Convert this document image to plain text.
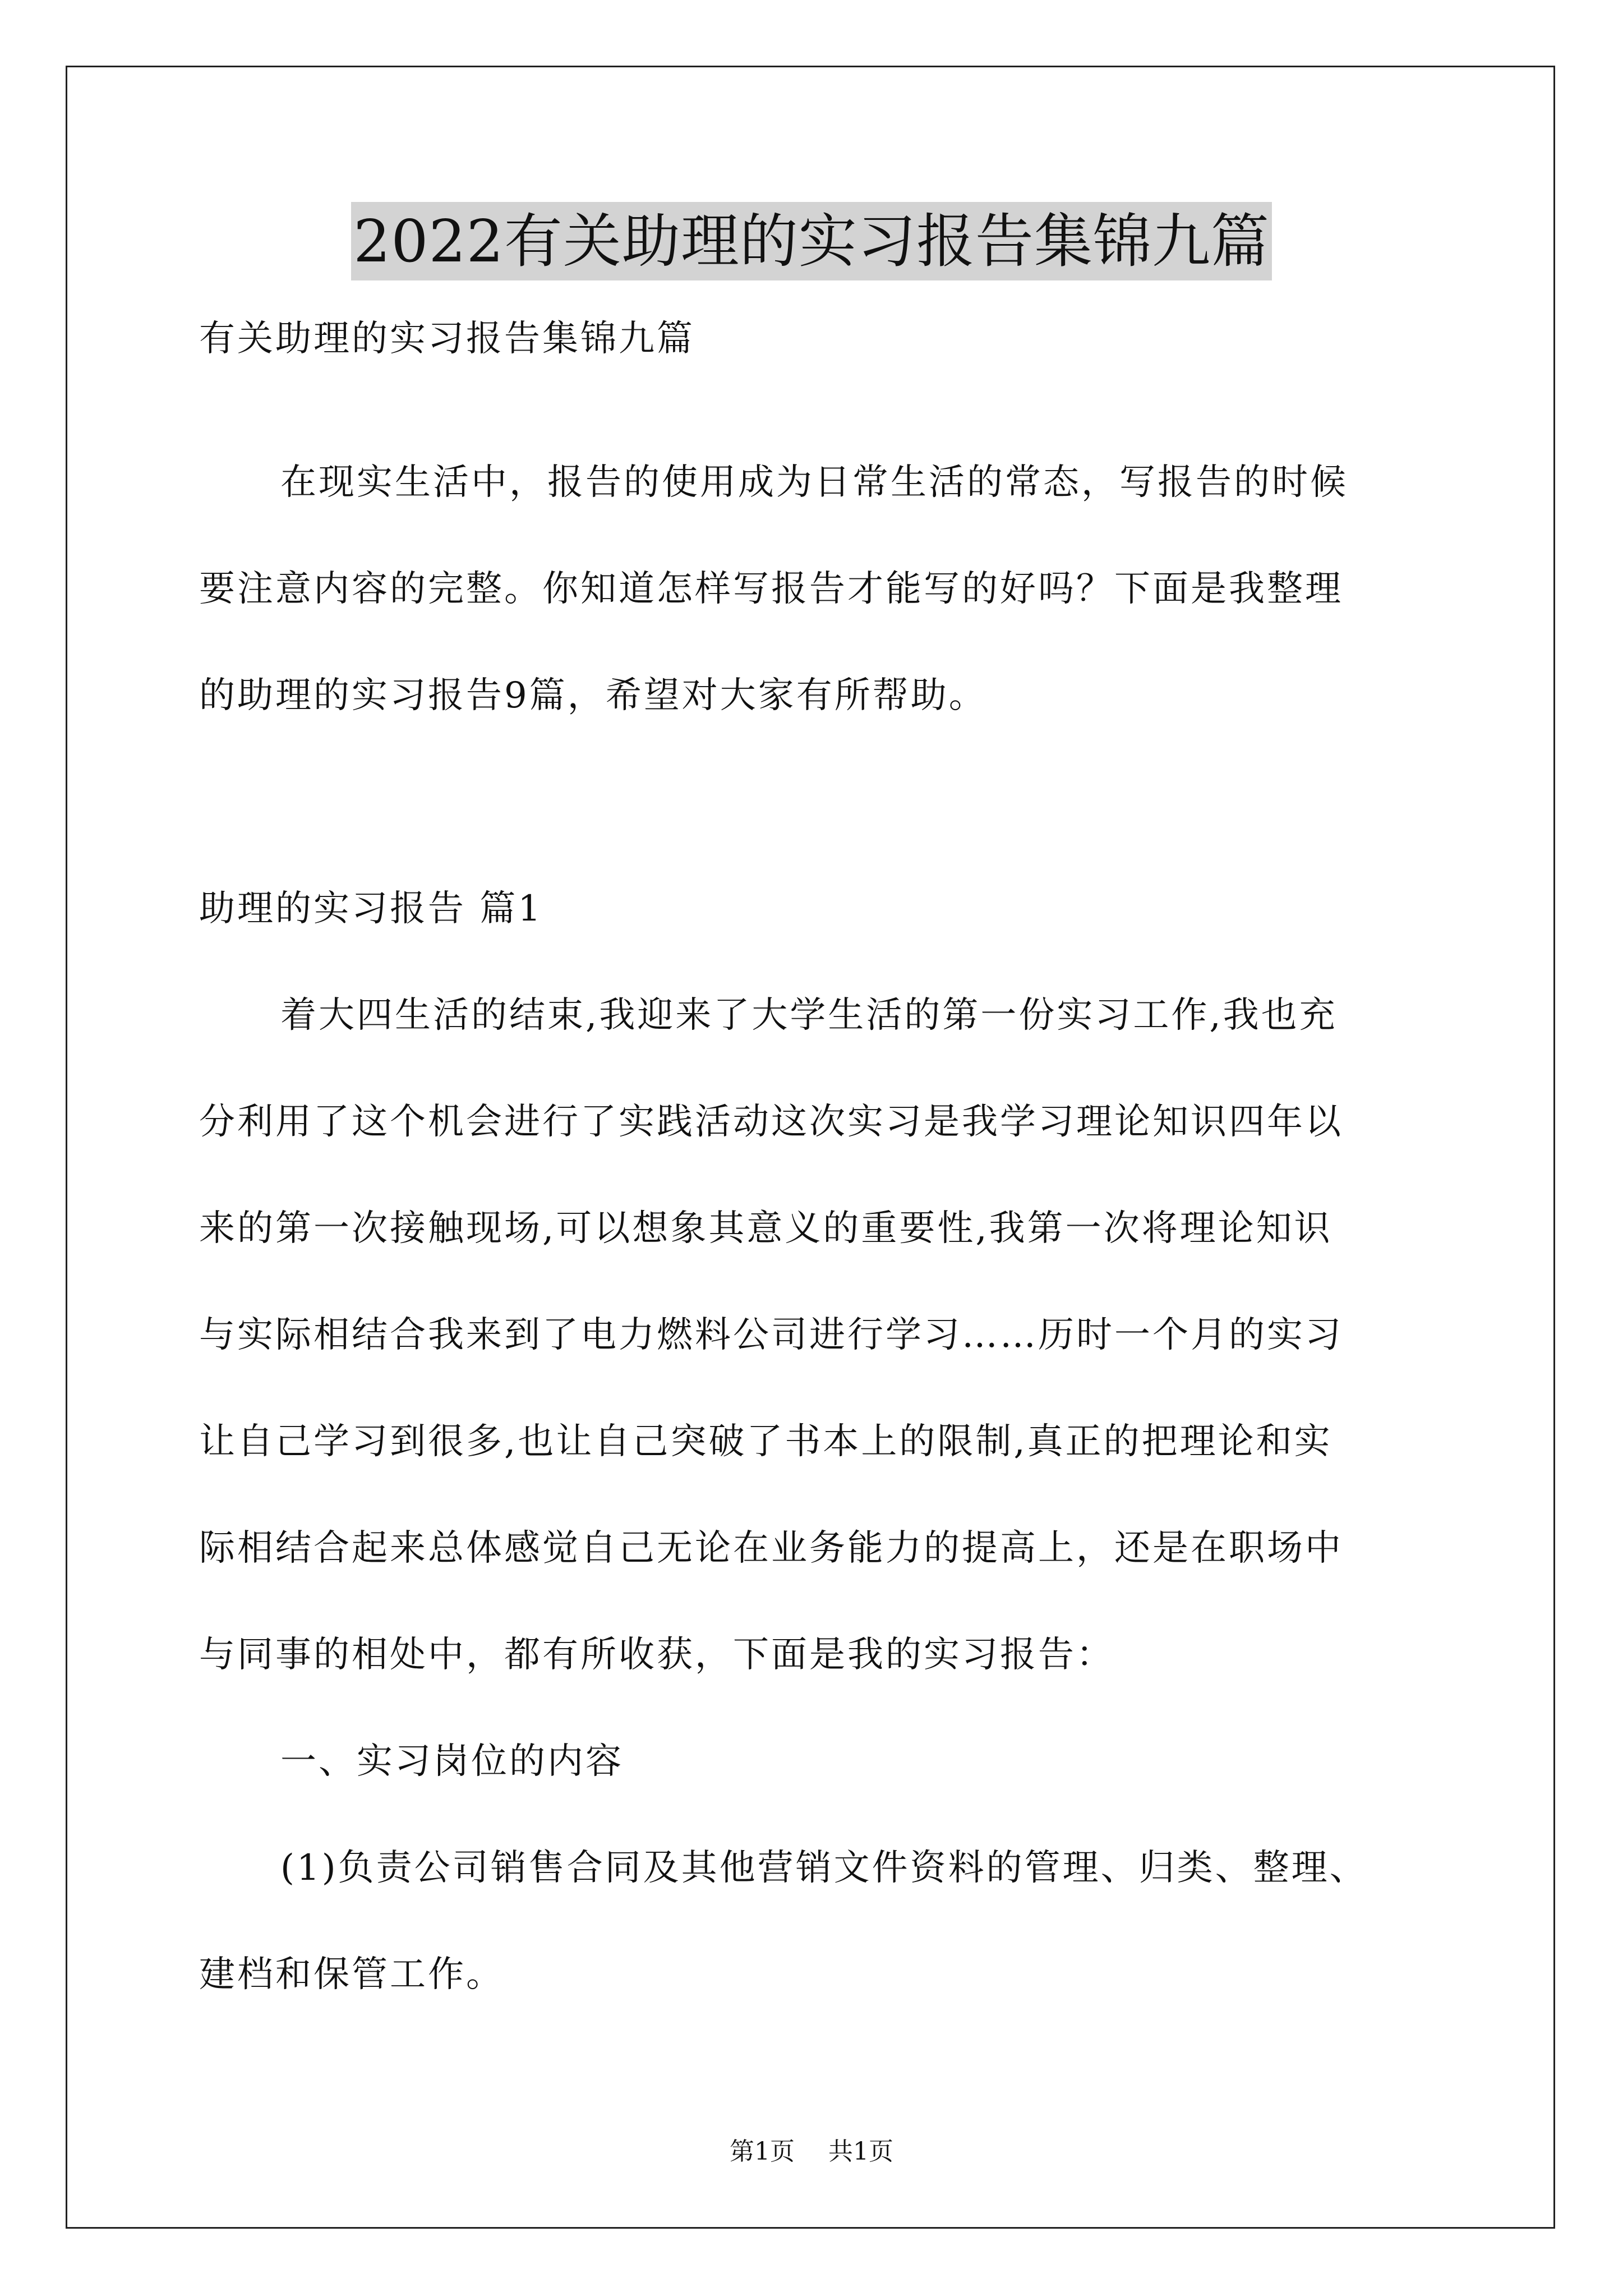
2022有关助理的实习报告集锦九篇
有关助理的实习报告集锦九篇
在现实生活中，报告的使用成为日常生活的常态，写报告的时候
要注意内容的完整。你知道怎样写报告才能写的好吗？下面是我整理
的助理的实习报告9篇，希望对大家有所帮助。
助理的实习报告 篇1
着大四生活的结束,我迎来了大学生活的第一份实习工作,我也充
分利用了这个机会进行了实践活动这次实习是我学习理论知识四年以
来的第一次接触现场,可以想象其意义的重要性,我第一次将理论知识
与实际相结合我来到了电力燃料公司进行学习……历时一个月的实习
让自己学习到很多,也让自己突破了书本上的限制,真正的把理论和实
际相结合起来总体感觉自己无论在业务能力的提高上，还是在职场中
与同事的相处中，都有所收获，下面是我的实习报告：
一、实习岗位的内容
(1)负责公司销售合同及其他营销文件资料的管理、归类、整理、
建档和保管工作。
第1页 共1页
